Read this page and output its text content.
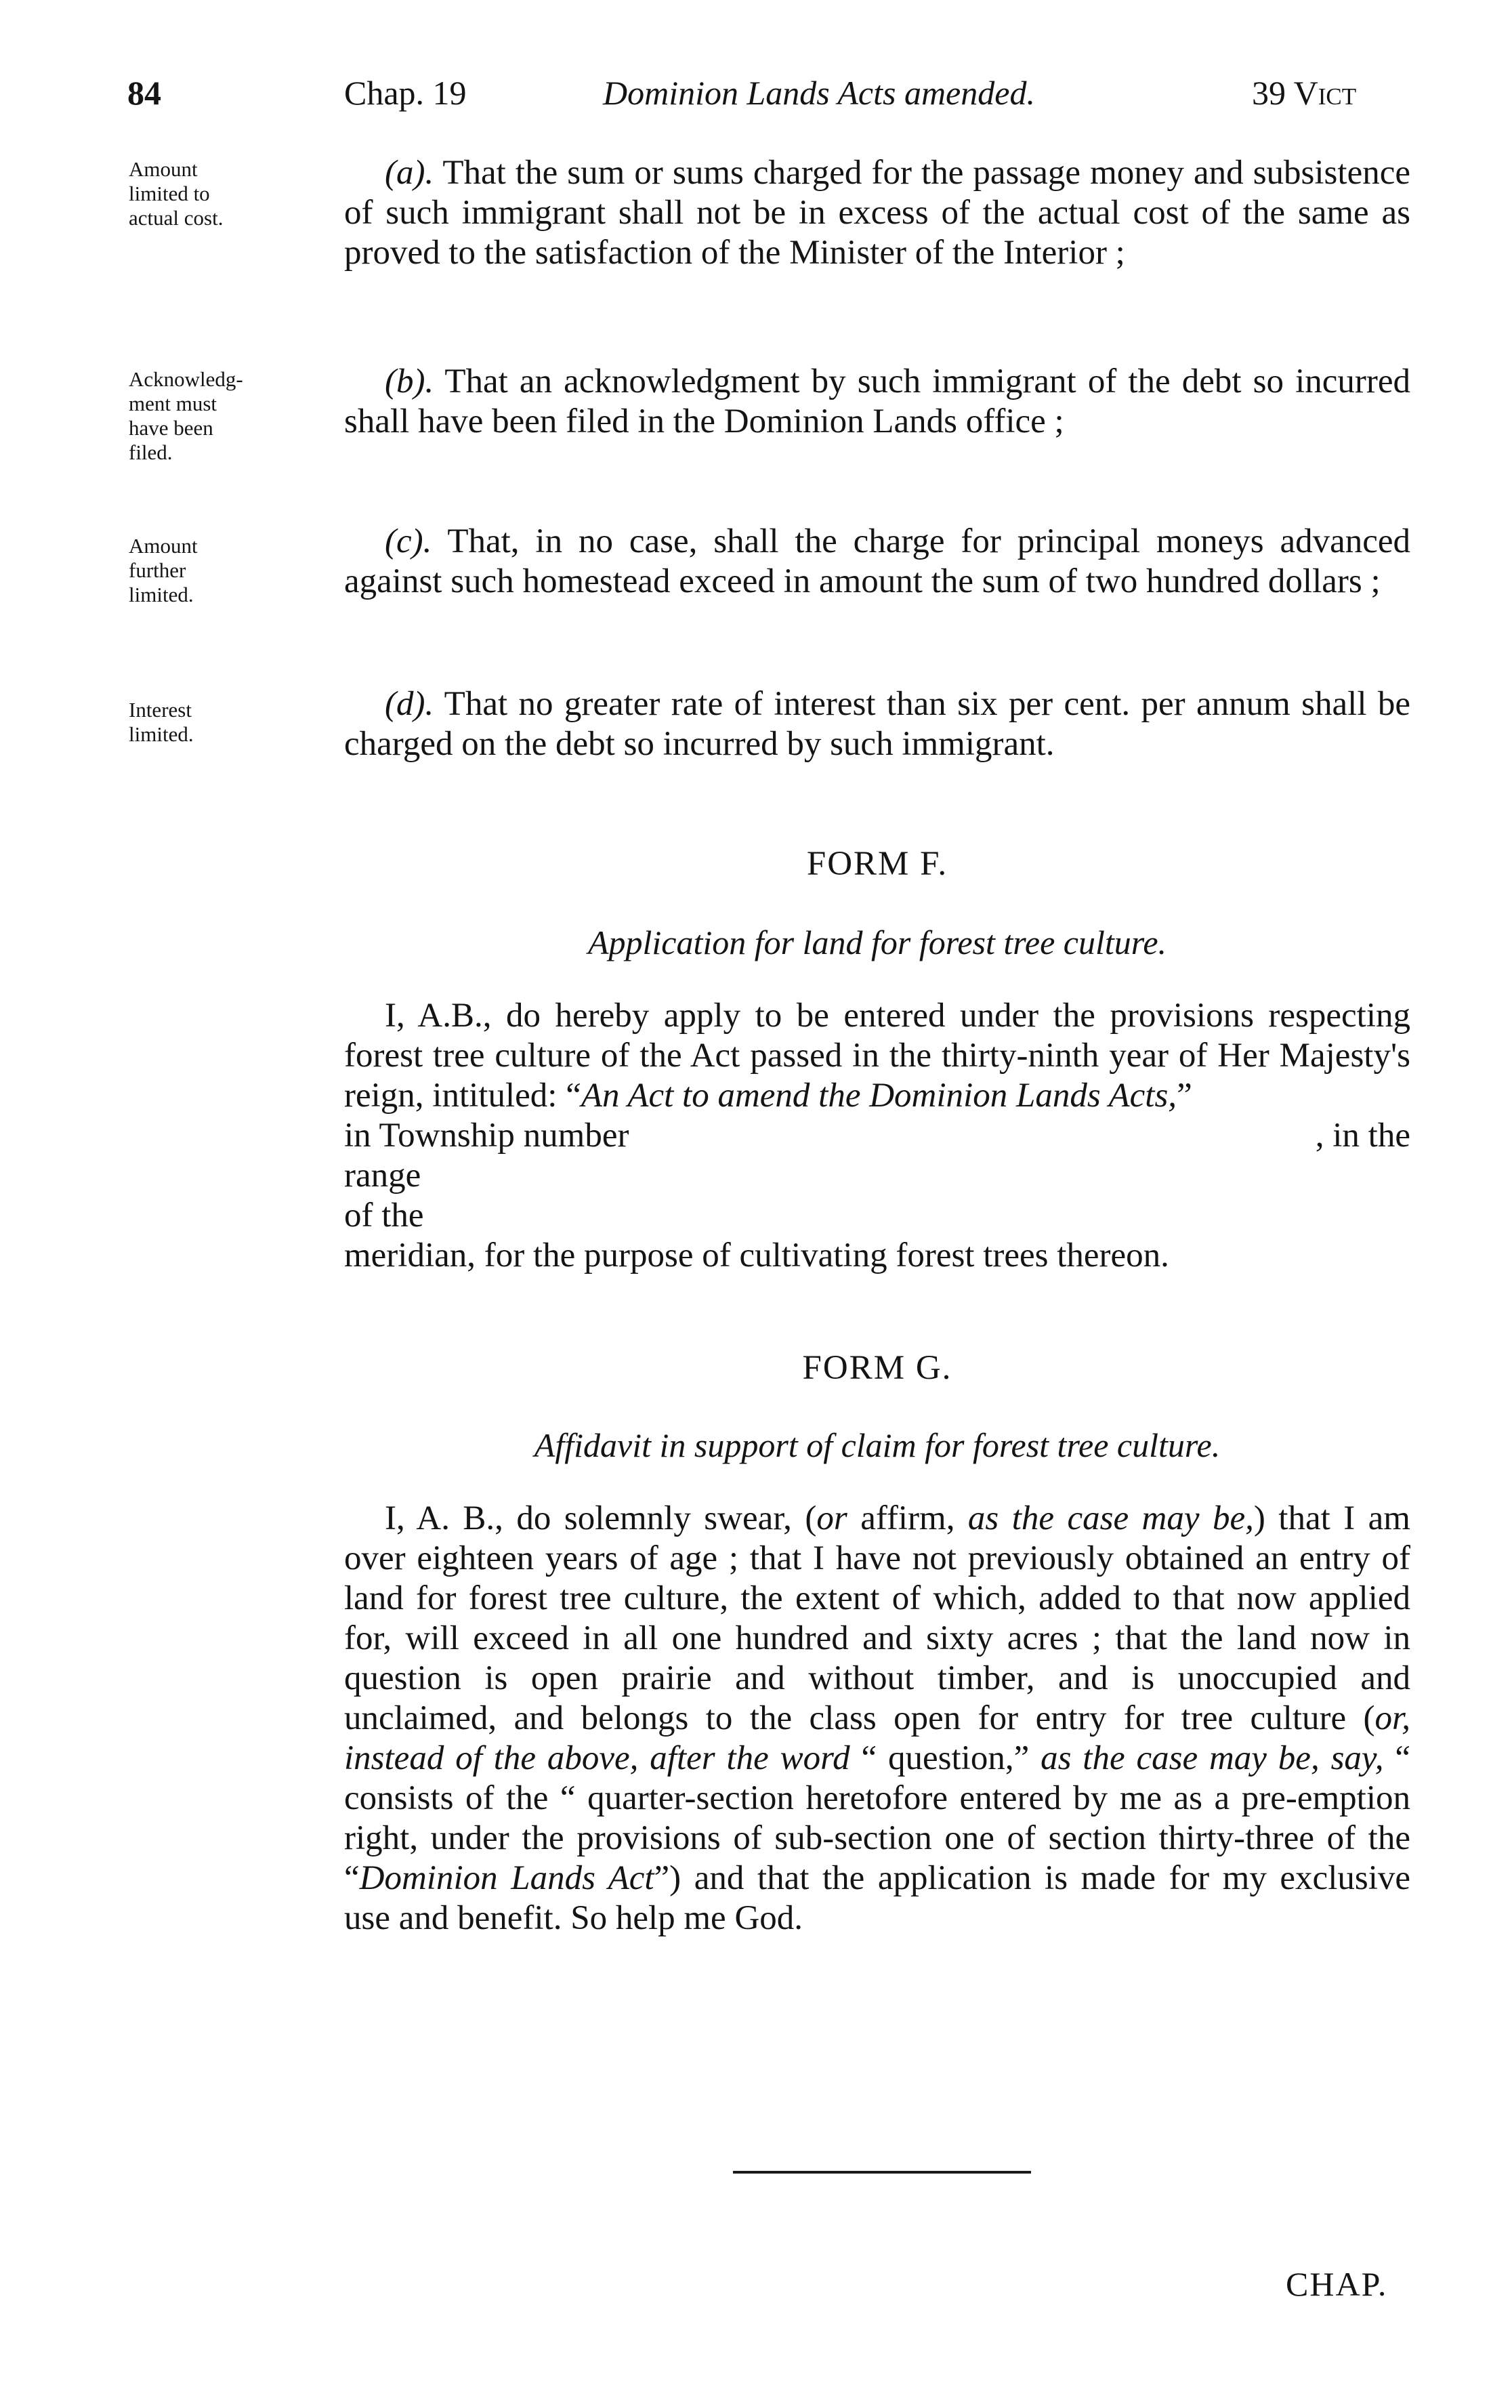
84	Chap. 19	Dominion Lands Acts amended.	39 Vict
Amount
limited to
actual cost.
Acknowledg-
ment must
have been
filed.
Amount
further
limited.
Interest
limited.

(a). That the sum or sums charged for the passage money and subsistence of such immigrant shall not be in excess of the actual cost of the same as proved to the satisfaction of the Minister of the Interior ;

(b). That an acknowledgment by such immigrant of the debt so incurred shall have been filed in the Dominion Lands office ;

(c). That, in no case, shall the charge for principal moneys advanced against such homestead exceed in amount the sum of two hundred dollars ;

(d). That no greater rate of interest than six per cent. per annum shall be charged on the debt so incurred by such immigrant.

FORM F.
Application for land for forest tree culture.

I, A.B., do hereby apply to be entered under the provisions respecting forest tree culture of the Act passed in the thirty-ninth year of Her Majesty's reign, intituled: “An Act to amend the Dominion Lands Acts,”

in Township number	, in the
range
of the
meridian, for the purpose of cultivating forest trees thereon.
FORM G.
Affidavit in support of claim for forest tree culture.

I, A. B., do solemnly swear, (or affirm, as the case may be,) that I am over eighteen years of age ; that I have not previously obtained an entry of land for forest tree culture, the extent of which, added to that now applied for, will exceed in all one hundred and sixty acres ; that the land now in question is open prairie and without timber, and is unoccupied and unclaimed, and belongs to the class open for entry for tree culture (or, instead of the above, after the word “ question,” as the case may be, say, “ consists of the “ quarter-section heretofore entered by me as a pre-emption right, under the provisions of sub-section one of section thirty-three of the “Dominion Lands Act”) and that the application is made for my exclusive use and benefit. So help me God.

CHAP.
